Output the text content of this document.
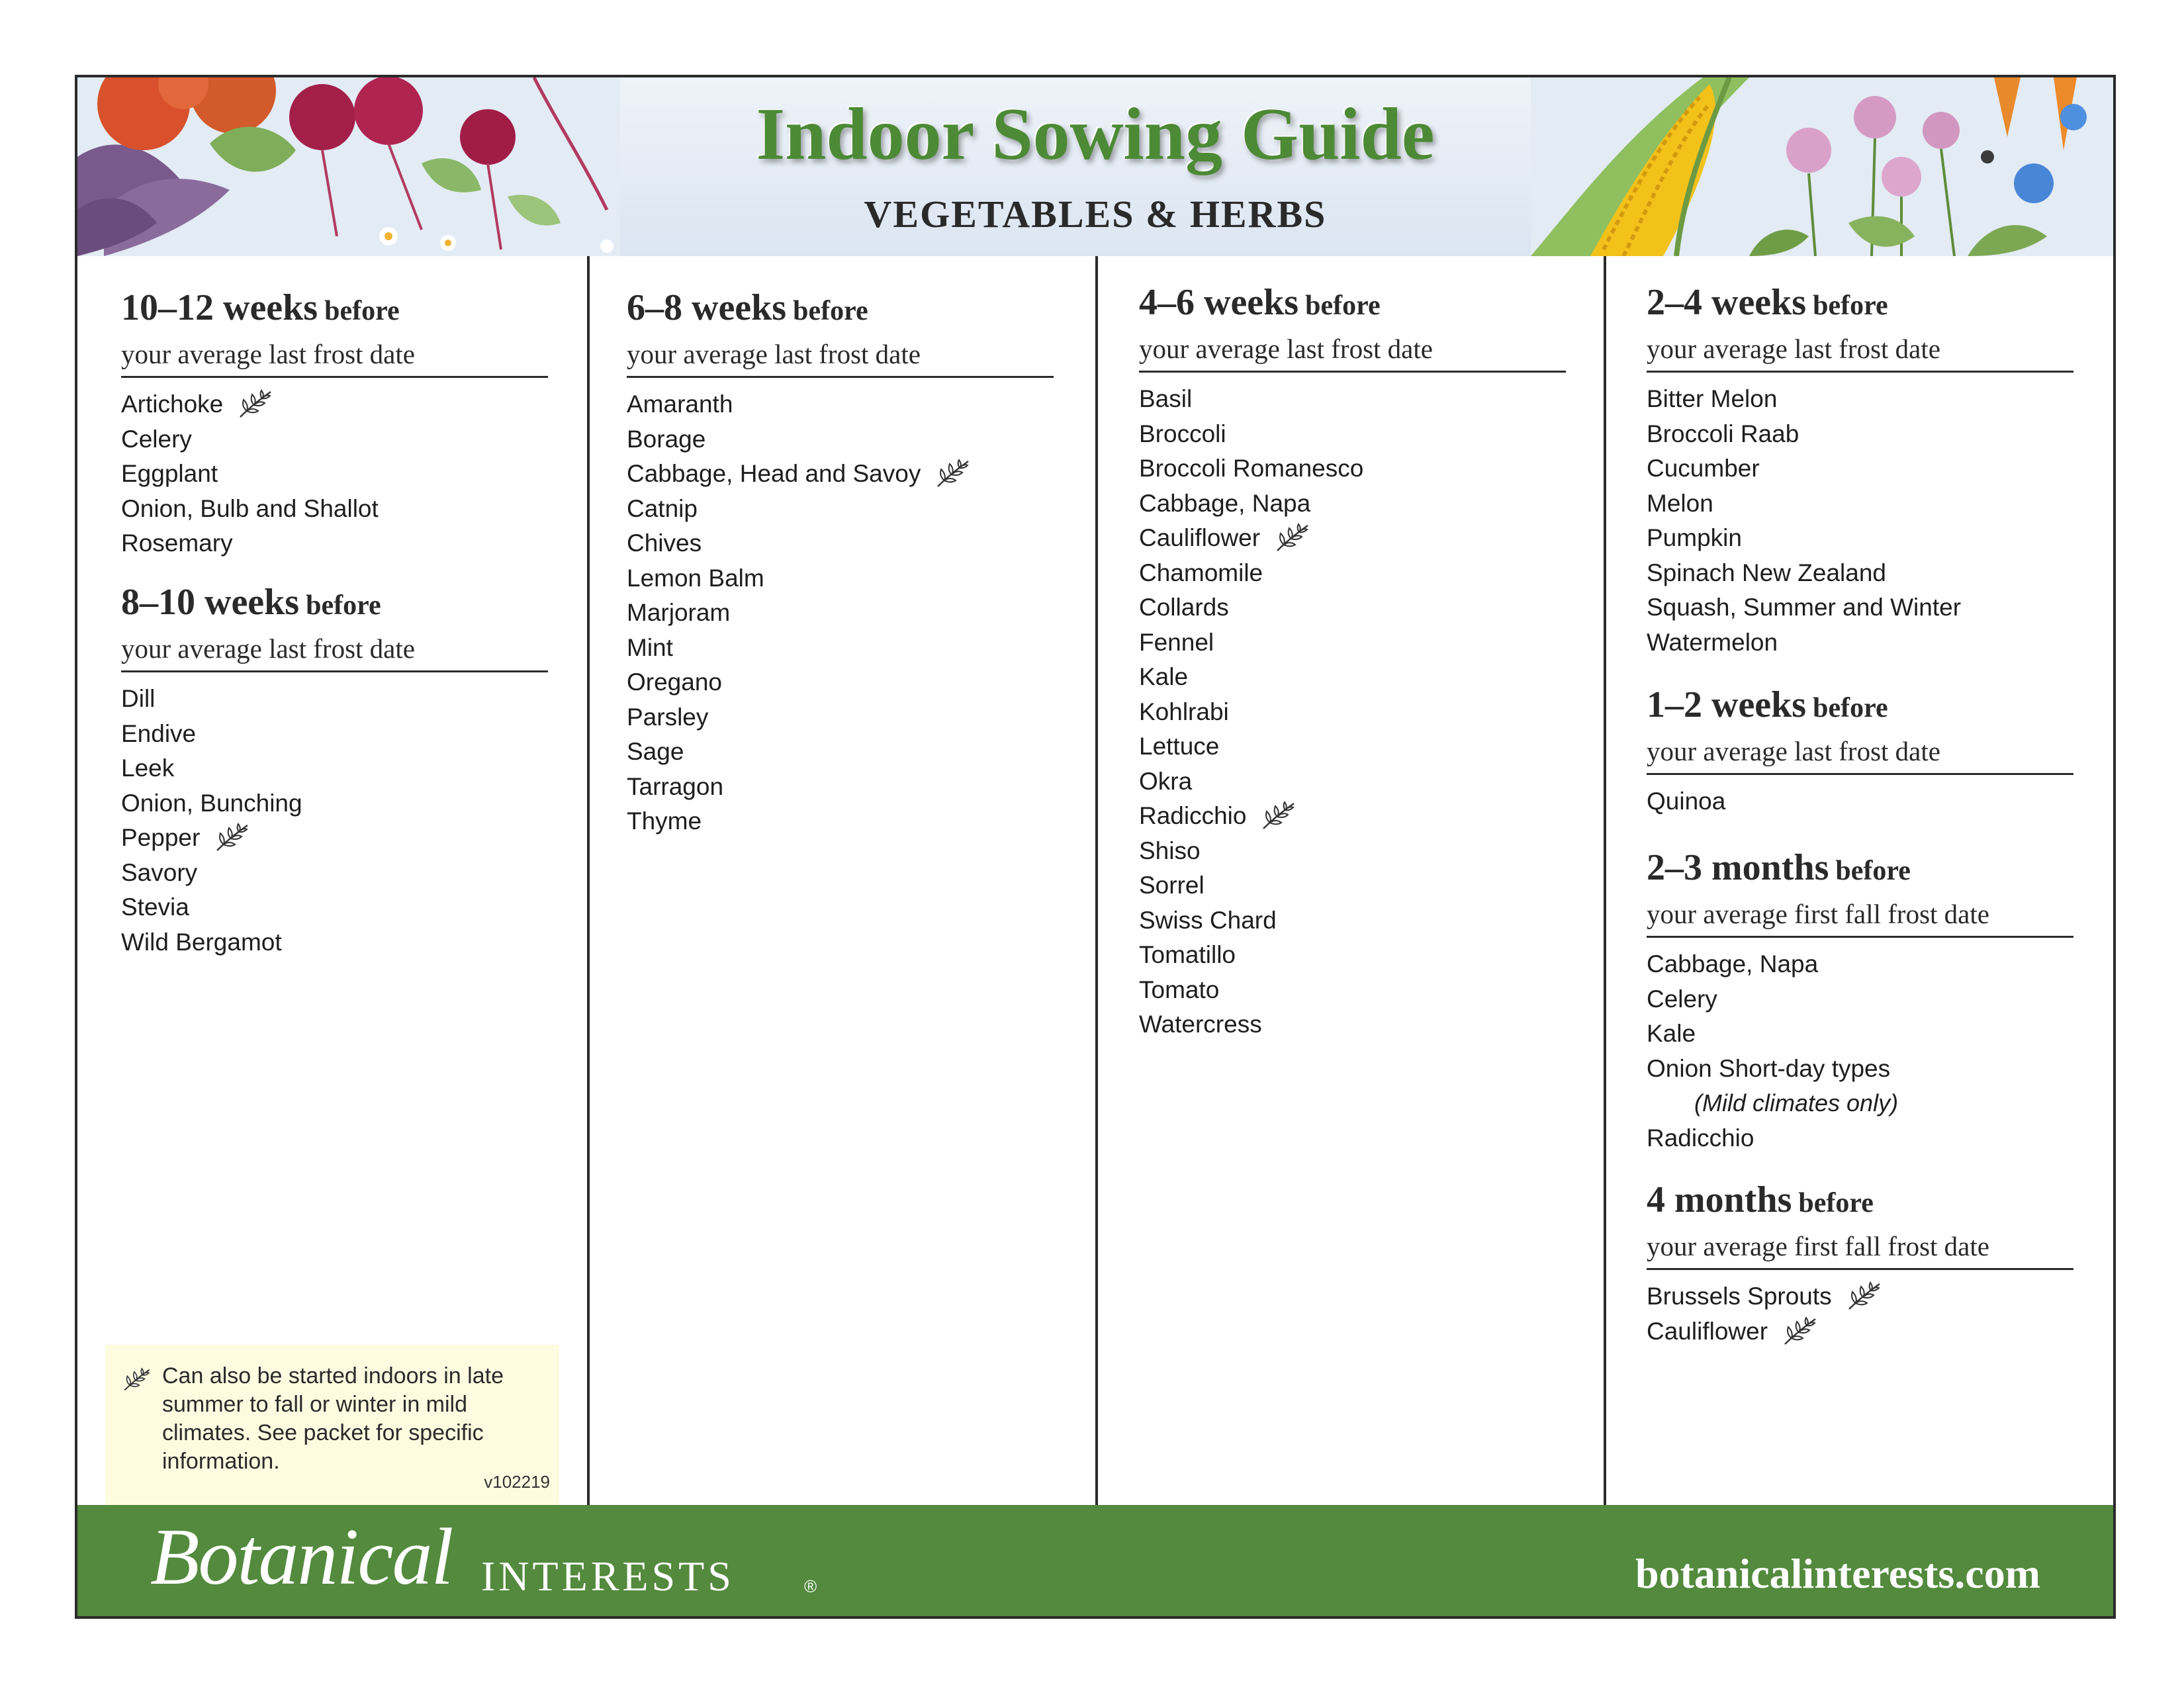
Indoor Sowing Guide
VEGETABLES & HERBS
10–12 weeks before
your average last frost date
Artichoke
Celery
Eggplant
Onion, Bulb and Shallot
Rosemary
8–10 weeks before
your average last frost date
Dill
Endive
Leek
Onion, Bunching
Pepper
Savory
Stevia
Wild Bergamot
Can also be started indoors in late summer to fall or winter in mild climates. See packet for specific information.
v102219
6–8 weeks before
your average last frost date
Amaranth
Borage
Cabbage, Head and Savoy
Catnip
Chives
Lemon Balm
Marjoram
Mint
Oregano
Parsley
Sage
Tarragon
Thyme
4–6 weeks before
your average last frost date
Basil
Broccoli
Broccoli Romanesco
Cabbage, Napa
Cauliflower
Chamomile
Collards
Fennel
Kale
Kohlrabi
Lettuce
Okra
Radicchio
Shiso
Sorrel
Swiss Chard
Tomatillo
Tomato
Watercress
2–4 weeks before
your average last frost date
Bitter Melon
Broccoli Raab
Cucumber
Melon
Pumpkin
Spinach New Zealand
Squash, Summer and Winter
Watermelon
1–2 weeks before
your average last frost date
Quinoa
2–3 months before
your average first fall frost date
Cabbage, Napa
Celery
Kale
Onion Short-day types
(Mild climates only)
Radicchio
4 months before
your average first fall frost date
Brussels Sprouts
Cauliflower
Botanical INTERESTS	®	botanicalinterests.com
